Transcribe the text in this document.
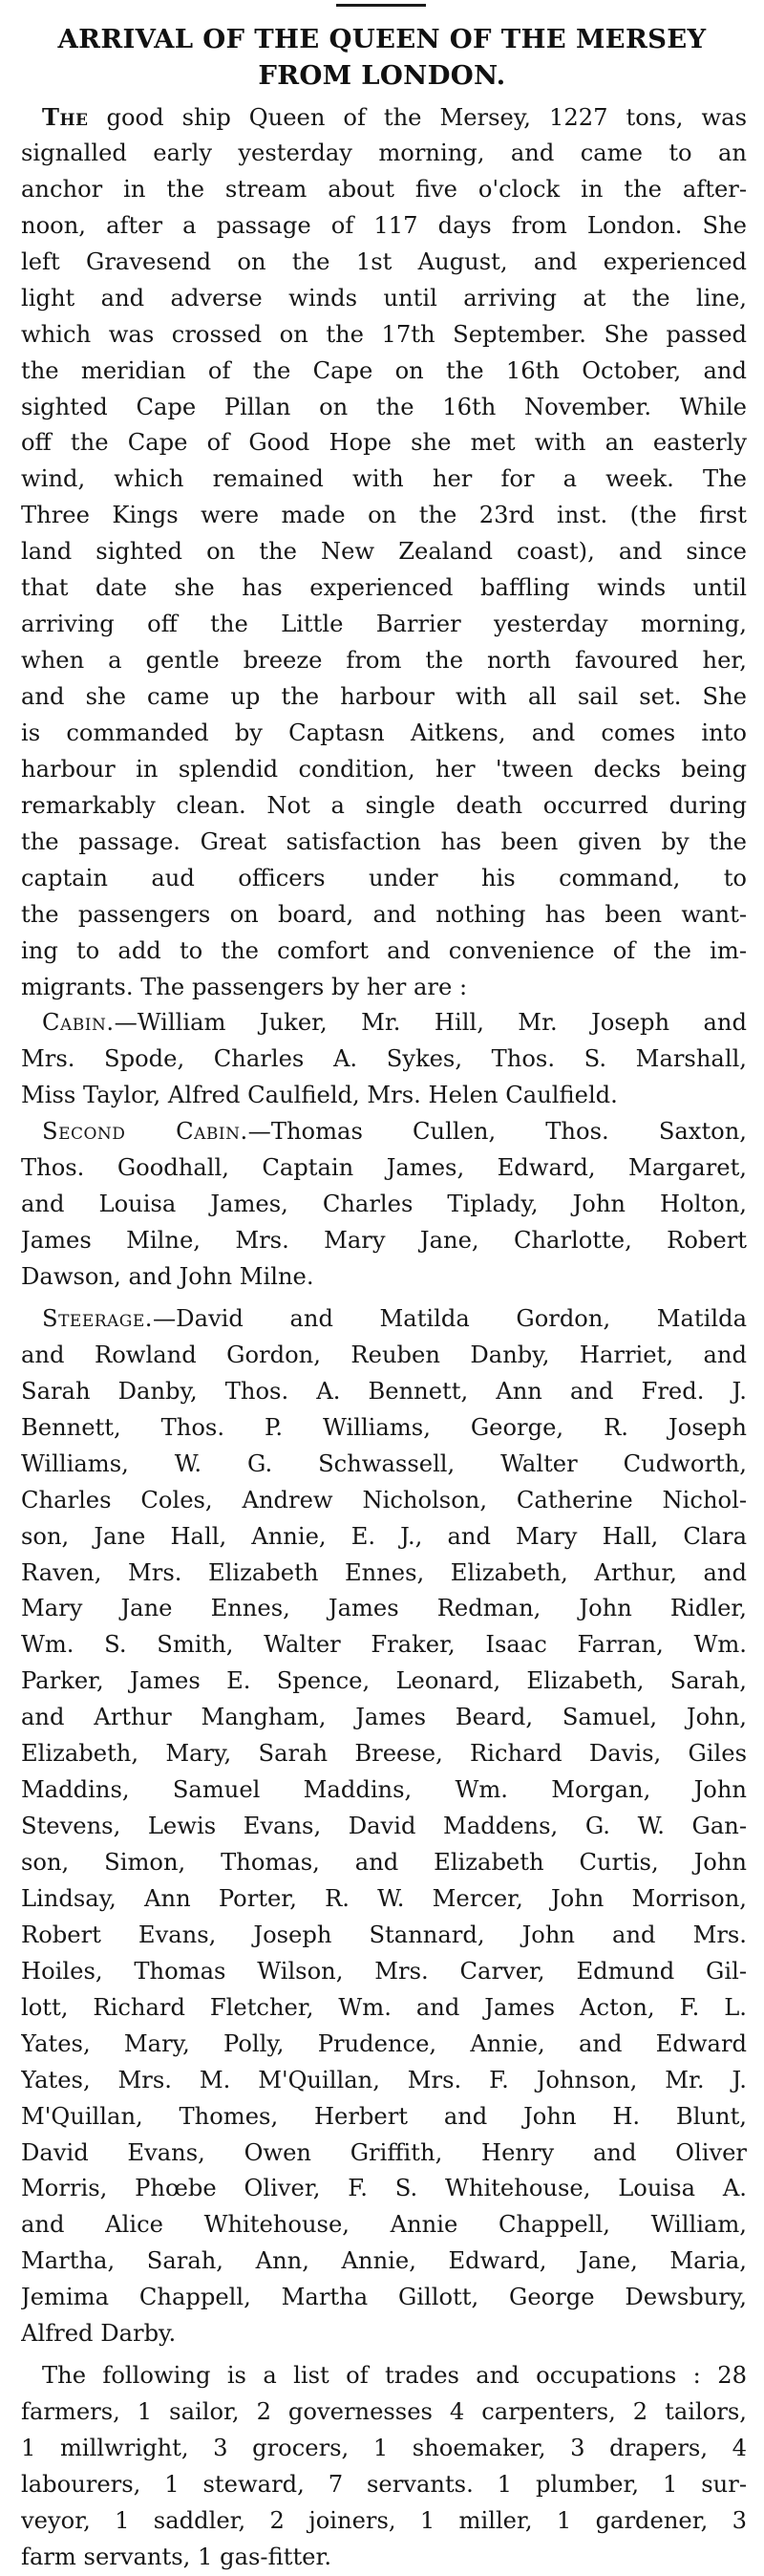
ARRIVAL OF THE QUEEN OF THE MERSEY
FROM LONDON.
The good ship Queen of the Mersey, 1227 tons, was
signalled early yesterday morning, and came to an
anchor in the stream about five o'clock in the after-
noon, after a passage of 117 days from London. She
left Gravesend on the 1st August, and experienced
light and adverse winds until arriving at the line,
which was crossed on the 17th September. She passed
the meridian of the Cape on the 16th October, and
sighted Cape Pillan on the 16th November. While
off the Cape of Good Hope she met with an easterly
wind, which remained with her for a week. The
Three Kings were made on the 23rd inst. (the first
land sighted on the New Zealand coast), and since
that date she has experienced baffling winds until
arriving off the Little Barrier yesterday morning,
when a gentle breeze from the north favoured her,
and she came up the harbour with all sail set. She
is commanded by Captasn Aitkens, and comes into
harbour in splendid condition, her 'tween decks being
remarkably clean. Not a single death occurred during
the passage. Great satisfaction has been given by the
captain aud officers under his command, to
the passengers on board, and nothing has been want-
ing to add to the comfort and convenience of the im-
migrants. The passengers by her are :
Cabin.—William Juker, Mr. Hill, Mr. Joseph and
Mrs. Spode, Charles A. Sykes, Thos. S. Marshall,
Miss Taylor, Alfred Caulfield, Mrs. Helen Caulfield.
Second Cabin.—Thomas Cullen, Thos. Saxton,
Thos. Goodhall, Captain James, Edward, Margaret,
and Louisa James, Charles Tiplady, John Holton,
James Milne, Mrs. Mary Jane, Charlotte, Robert
Dawson, and John Milne.
Steerage.—David and Matilda Gordon, Matilda
and Rowland Gordon, Reuben Danby, Harriet, and
Sarah Danby, Thos. A. Bennett, Ann and Fred. J.
Bennett, Thos. P. Williams, George, R. Joseph
Williams, W. G. Schwassell, Walter Cudworth,
Charles Coles, Andrew Nicholson, Catherine Nichol-
son, Jane Hall, Annie, E. J., and Mary Hall, Clara
Raven, Mrs. Elizabeth Ennes, Elizabeth, Arthur, and
Mary Jane Ennes, James Redman, John Ridler,
Wm. S. Smith, Walter Fraker, Isaac Farran, Wm.
Parker, James E. Spence, Leonard, Elizabeth, Sarah,
and Arthur Mangham, James Beard, Samuel, John,
Elizabeth, Mary, Sarah Breese, Richard Davis, Giles
Maddins, Samuel Maddins, Wm. Morgan, John
Stevens, Lewis Evans, David Maddens, G. W. Gan-
son, Simon, Thomas, and Elizabeth Curtis, John
Lindsay, Ann Porter, R. W. Mercer, John Morrison,
Robert Evans, Joseph Stannard, John and Mrs.
Hoiles, Thomas Wilson, Mrs. Carver, Edmund Gil-
lott, Richard Fletcher, Wm. and James Acton, F. L.
Yates, Mary, Polly, Prudence, Annie, and Edward
Yates, Mrs. M. M'Quillan, Mrs. F. Johnson, Mr. J.
M'Quillan, Thomes, Herbert and John H. Blunt,
David Evans, Owen Griffith, Henry and Oliver
Morris, Phœbe Oliver, F. S. Whitehouse, Louisa A.
and Alice Whitehouse, Annie Chappell, William,
Martha, Sarah, Ann, Annie, Edward, Jane, Maria,
Jemima Chappell, Martha Gillott, George Dewsbury,
Alfred Darby.
The following is a list of trades and occupations : 28
farmers, 1 sailor, 2 governesses 4 carpenters, 2 tailors,
1 millwright, 3 grocers, 1 shoemaker, 3 drapers, 4
labourers, 1 steward, 7 servants. 1 plumber, 1 sur-
veyor, 1 saddler, 2 joiners, 1 miller, 1 gardener, 3
farm servants, 1 gas-fitter.
